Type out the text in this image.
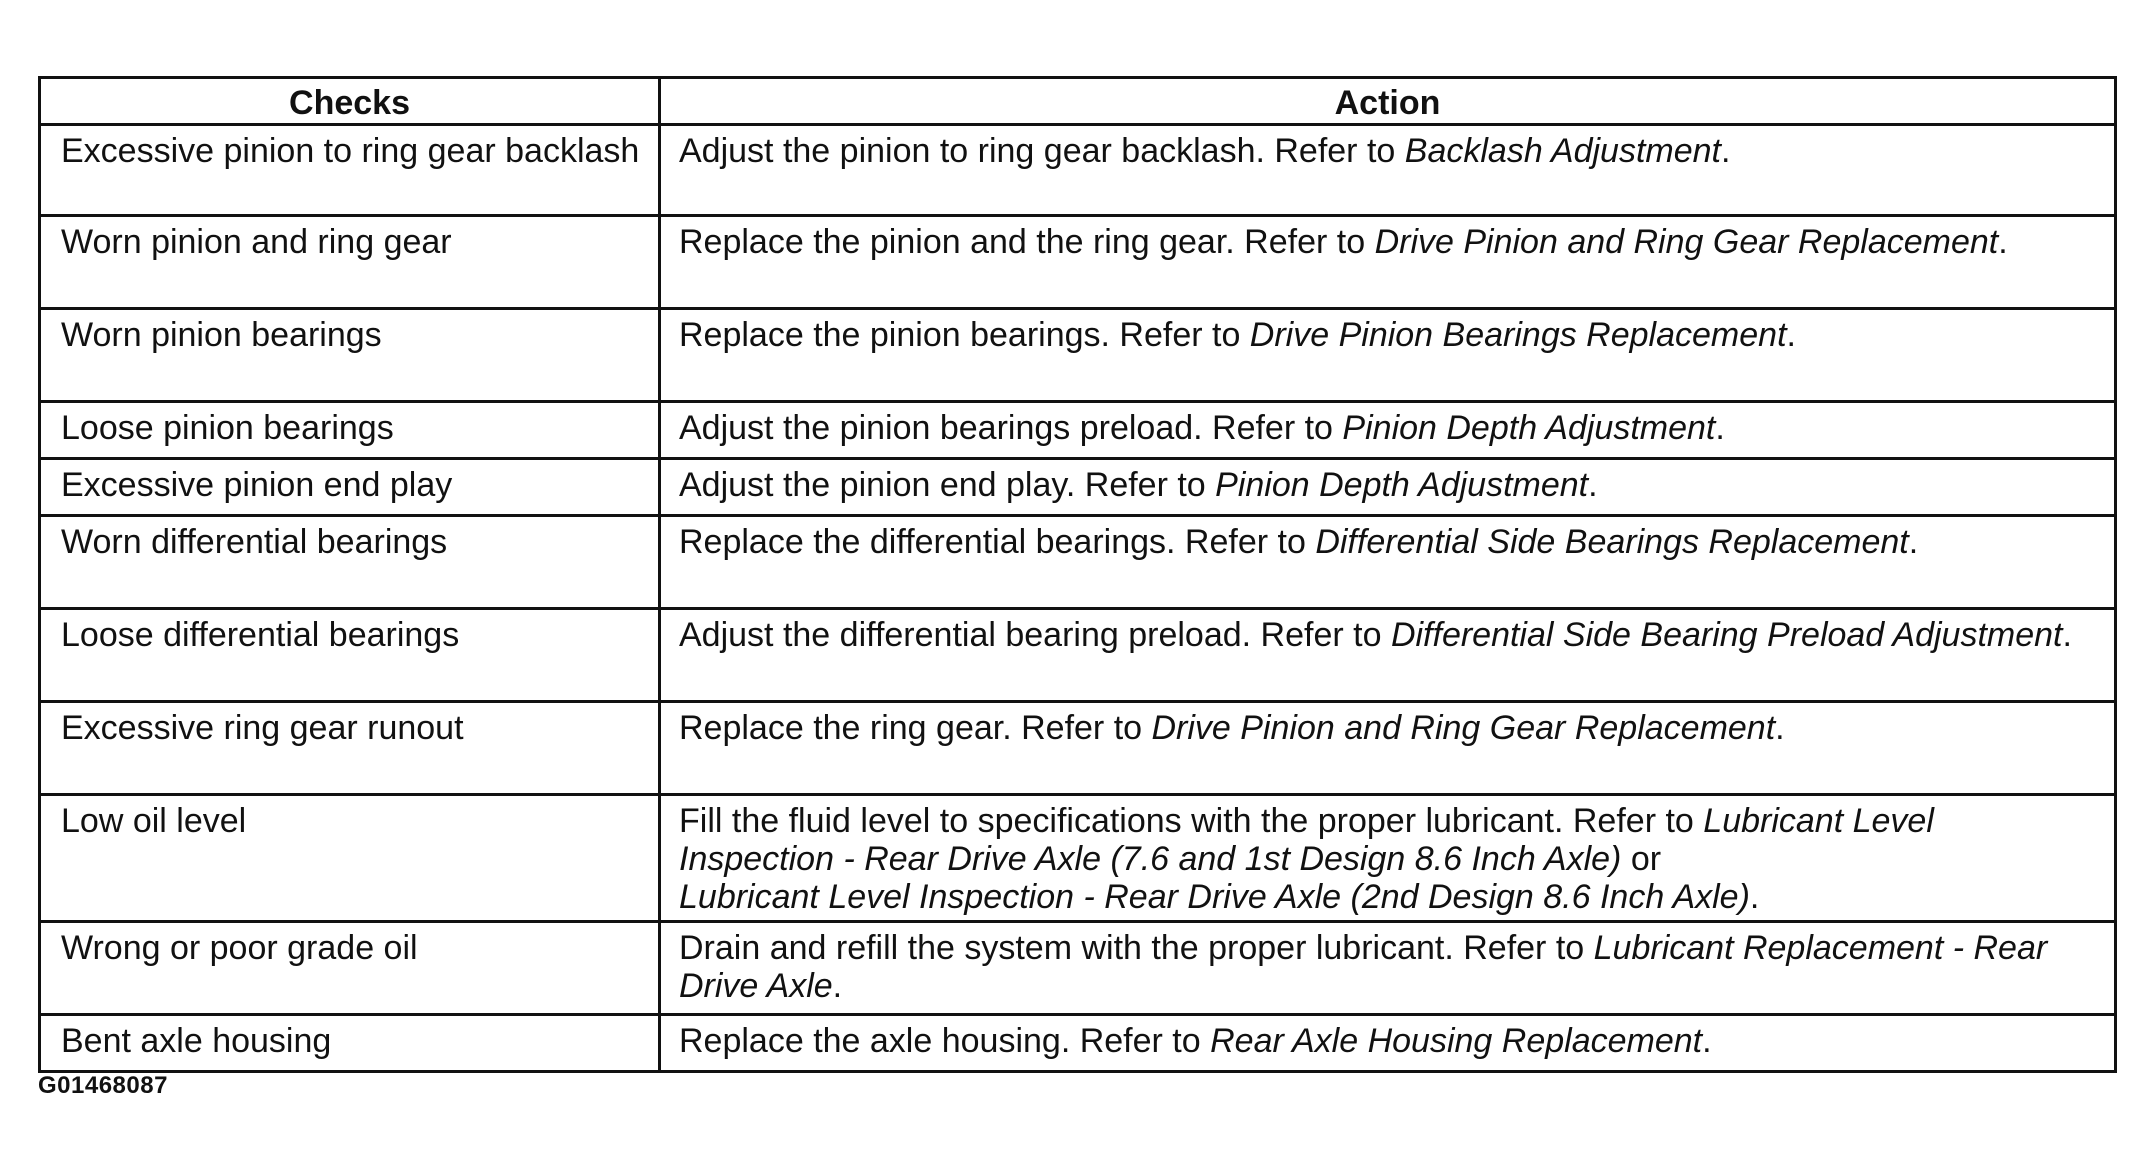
Checks	Action
Excessive pinion to ring gear backlash	Adjust the pinion to ring gear backlash. Refer to Backlash Adjustment.
Worn pinion and ring gear	Replace the pinion and the ring gear. Refer to Drive Pinion and Ring Gear Replacement.
Worn pinion bearings	Replace the pinion bearings. Refer to Drive Pinion Bearings Replacement.
Loose pinion bearings	Adjust the pinion bearings preload. Refer to Pinion Depth Adjustment.
Excessive pinion end play	Adjust the pinion end play. Refer to Pinion Depth Adjustment.
Worn differential bearings	Replace the differential bearings. Refer to Differential Side Bearings Replacement.
Loose differential bearings	Adjust the differential bearing preload. Refer to Differential Side Bearing Preload Adjustment.
Excessive ring gear runout	Replace the ring gear. Refer to Drive Pinion and Ring Gear Replacement.
Low oil level	Fill the fluid level to specifications with the proper lubricant. Refer to Lubricant Level Inspection - Rear Drive Axle (7.6 and 1st Design 8.6 Inch Axle) or
Lubricant Level Inspection - Rear Drive Axle (2nd Design 8.6 Inch Axle).
Wrong or poor grade oil	Drain and refill the system with the proper lubricant. Refer to Lubricant Replacement - Rear Drive Axle.
Bent axle housing	Replace the axle housing. Refer to Rear Axle Housing Replacement.
G01468087
